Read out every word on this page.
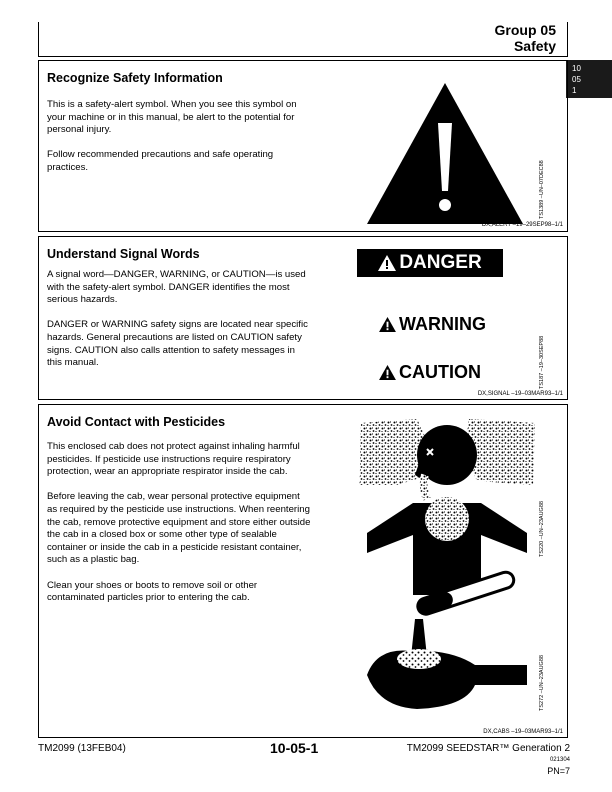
Group 05
Safety
10
05
1
Recognize Safety Information

This is a safety-alert symbol. When you see this symbol on your machine or in this manual, be alert to the potential for personal injury.

Follow recommended precautions and safe operating practices.	TS1389 –UN–07DEC88
DX,ALERT –19–29SEP98–1/1
Understand Signal Words

A signal word—DANGER, WARNING, or CAUTION—is used with the safety-alert symbol. DANGER identifies the most serious hazards.

DANGER or WARNING safety signs are located near specific hazards. General precautions are listed on CAUTION safety signs. CAUTION also calls attention to safety messages in this manual.

DANGER
WARNING
CAUTION	TS187 –19–30SEP88
DX,SIGNAL –19–03MAR93–1/1
Avoid Contact with Pesticides

This enclosed cab does not protect against inhaling harmful pesticides. If pesticide use instructions require respiratory protection, wear an appropriate respirator inside the cab.

Before leaving the cab, wear personal protective equipment as required by the pesticide use instructions. When reentering the cab, remove protective equipment and store either outside the cab in a closed box or some other type of sealable container or inside the cab in a pesticide resistant container, such as a plastic bag.

Clean your shoes or boots to remove soil or other contaminated particles prior to entering the cab.

TS220 –UN–23AUG88
TS272 –UN–23AUG88
DX,CABS –19–03MAR93–1/1
TM2099 (13FEB04)	10-05-1	TM2099 SEEDSTAR™ Generation 2
021304
PN=7
